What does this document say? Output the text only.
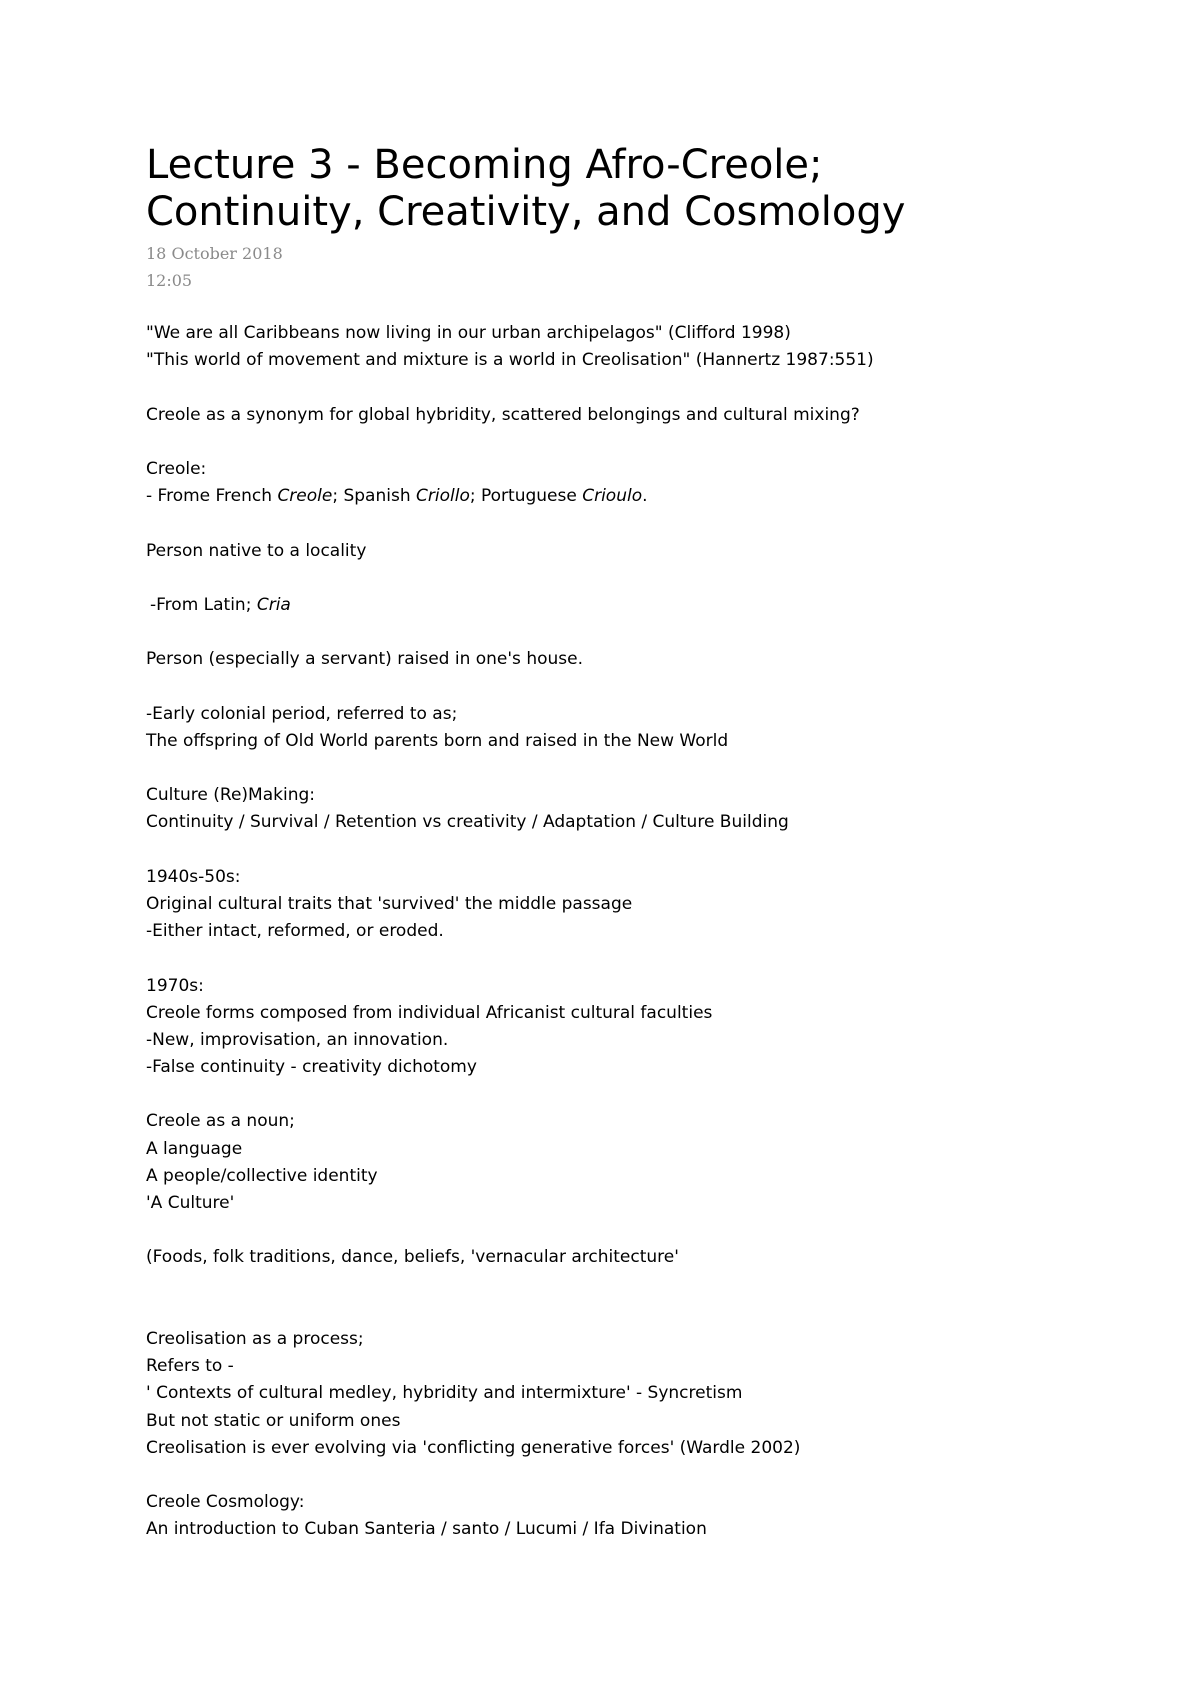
Lecture 3 - Becoming Afro-Creole;
Continuity, Creativity, and Cosmology
18 October 2018
12:05
"We are all Caribbeans now living in our urban archipelagos" (Clifford 1998)
"This world of movement and mixture is a world in Creolisation" (Hannertz 1987:551)
Creole as a synonym for global hybridity, scattered belongings and cultural mixing?
Creole:
- Frome French Creole; Spanish Criollo; Portuguese Crioulo.
Person native to a locality
-From Latin; Cria
Person (especially a servant) raised in one's house.
-Early colonial period, referred to as;
The offspring of Old World parents born and raised in the New World
Culture (Re)Making:
Continuity / Survival / Retention vs creativity / Adaptation / Culture Building
1940s-50s:
Original cultural traits that 'survived' the middle passage
-Either intact, reformed, or eroded.
1970s:
Creole forms composed from individual Africanist cultural faculties
-New, improvisation, an innovation.
-False continuity - creativity dichotomy
Creole as a noun;
A language
A people/collective identity
'A Culture'
(Foods, folk traditions, dance, beliefs, 'vernacular architecture'
Creolisation as a process;
Refers to -
' Contexts of cultural medley, hybridity and intermixture' - Syncretism
But not static or uniform ones
Creolisation is ever evolving via 'conflicting generative forces' (Wardle 2002)
Creole Cosmology:
An introduction to Cuban Santeria / santo / Lucumi / Ifa Divination
